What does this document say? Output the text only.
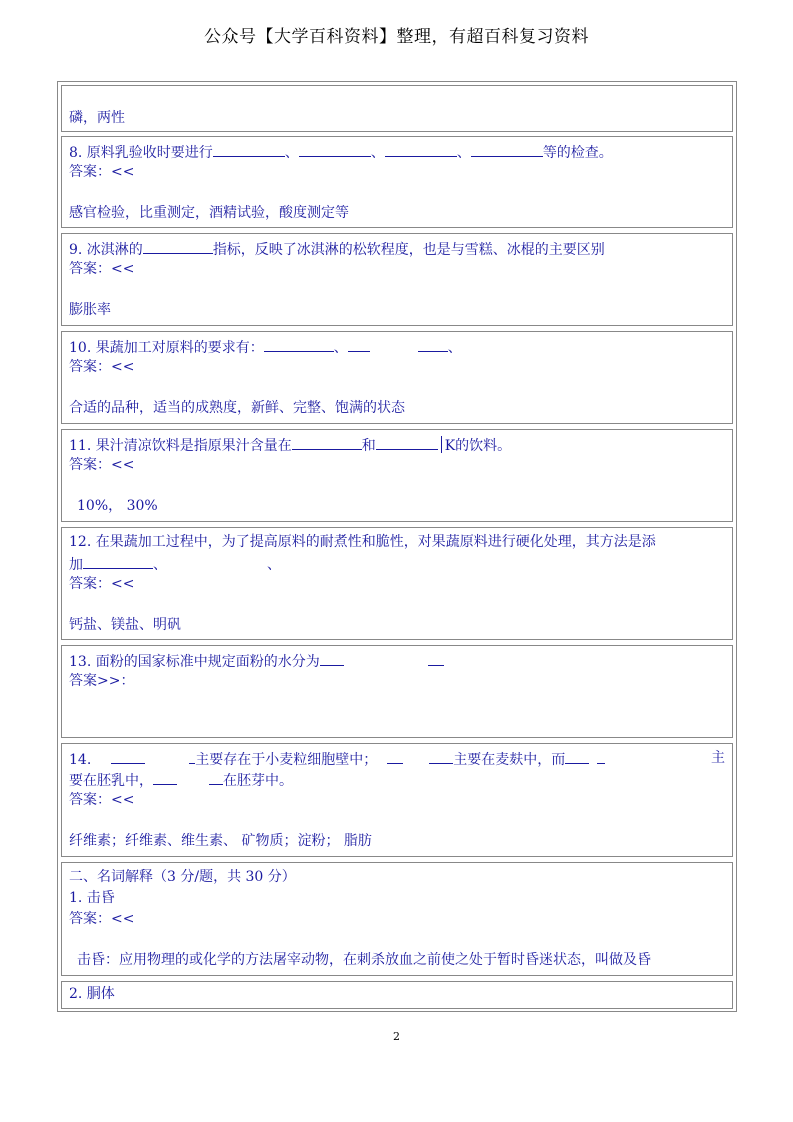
公众号【大学百科资料】整理，有超百科复习资料
磷，两性
8. 原料乳验收时要进行	、	、	、	等的检查。
答案：<<
感官检验，比重测定，酒精试验，酸度测定等
9. 冰淇淋的	指标，反映了冰淇淋的松软程度，也是与雪糕、冰棍的主要区别
答案：<<
膨胀率
10. 果蔬加工对原料的要求有：	、	、
答案：<<
合适的品种，适当的成熟度，新鲜、完整、饱满的状态
11. 果汁清凉饮料是指原果汁含量在	和	K的饮料。
答案：<<
10%， 30%
12. 在果蔬加工过程中，为了提高原料的耐煮性和脆性，对果蔬原料进行硬化处理，其方法是添
加	、	、
答案：<<
钙盐、镁盐、明矾
13. 面粉的国家标准中规定面粉的水分为
答案>>：
14.	主要存在于小麦粒细胞壁中；	主要在麦麸中，而	主
要在胚乳中，	在胚芽中。
答案：<<
纤维素；纤维素、维生素、 矿物质；淀粉； 脂肪
二、名词解释（3 分/题，共 30 分）
1. 击昏
答案：<<
击昏：应用物理的或化学的方法屠宰动物，在刺杀放血之前使之处于暂时昏迷状态，叫做及昏
2. 胴体
2
